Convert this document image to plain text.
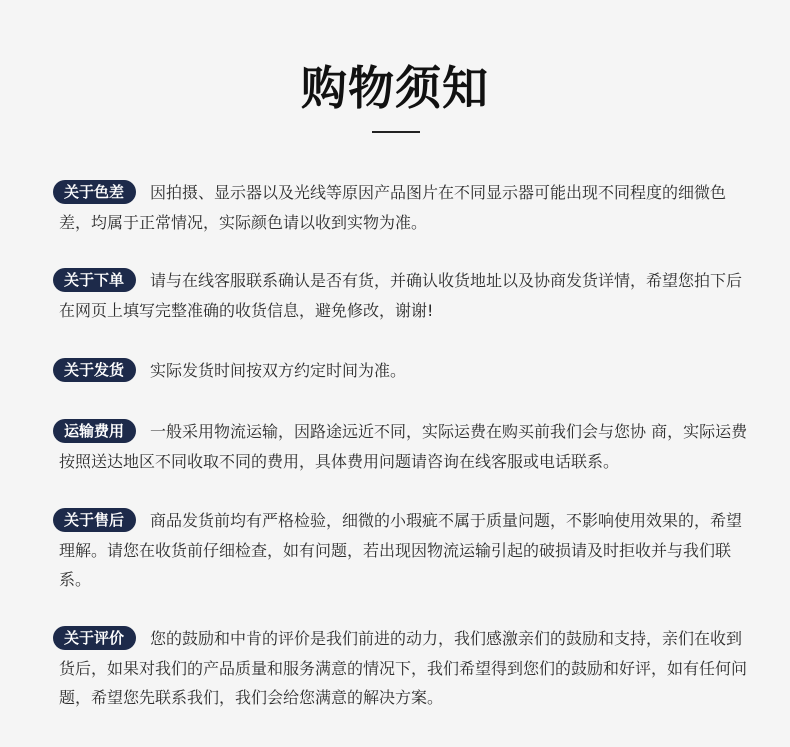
购物须知

关于色差 因拍摄、显示器以及光线等原因产品图片在不同显示器可能出现不同程度的细微色差，均属于正常情况，实际颜色请以收到实物为准。

关于下单 请与在线客服联系确认是否有货，并确认收货地址以及协商发货详情，希望您拍下后在网页上填写完整准确的收货信息，避免修改，谢谢!

关于发货 实际发货时间按双方约定时间为准。

运输费用 一般采用物流运输，因路途远近不同，实际运费在购买前我们会与您协 商，实际运费按照送达地区不同收取不同的费用，具体费用问题请咨询在线客服或电话联系。

关于售后 商品发货前均有严格检验，细微的小瑕疵不属于质量问题，不影响使用效果的，希望理解。请您在收货前仔细检查，如有问题，若出现因物流运输引起的破损请及时拒收并与我们联系。

关于评价 您的鼓励和中肯的评价是我们前进的动力，我们感激亲们的鼓励和支持，亲们在收到货后，如果对我们的产品质量和服务满意的情况下，我们希望得到您们的鼓励和好评，如有任何问题，希望您先联系我们，我们会给您满意的解决方案。
